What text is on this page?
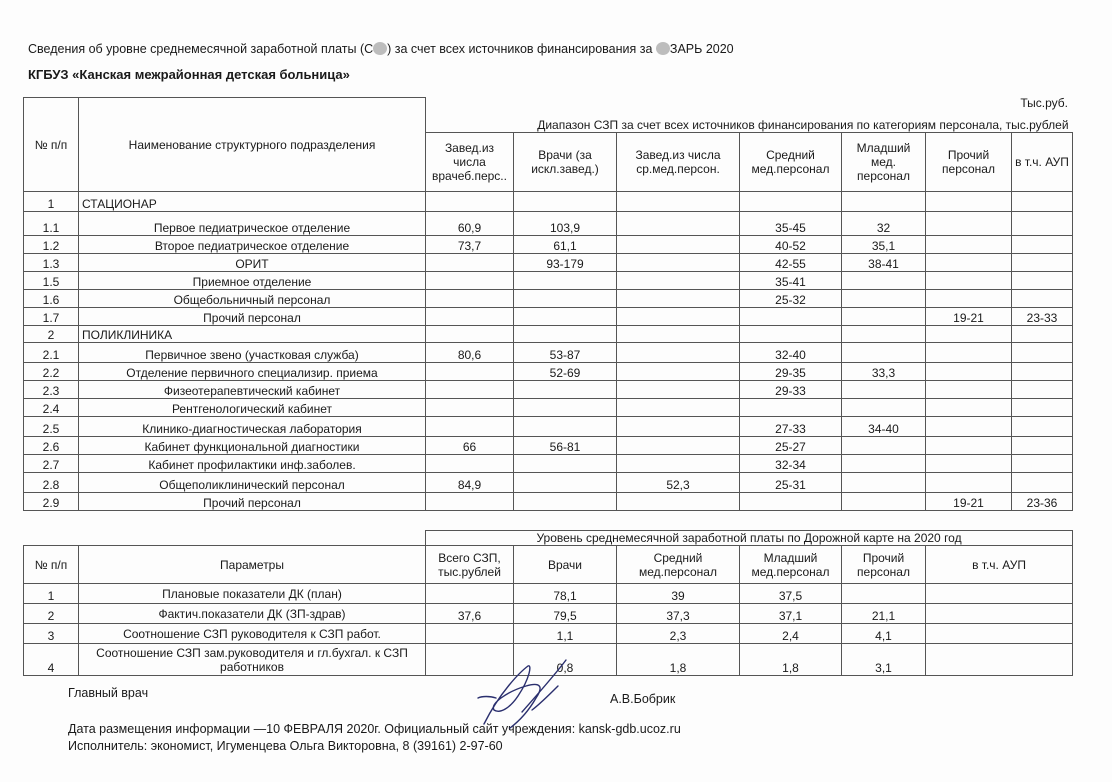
Сведения об уровне среднемесячной заработной платы (С ) за счет всех источников финансирования за ЗАРЬ 2020
КГБУЗ «Канская межрайонная детская больница»
Тыс.руб.
№ п/п	Наименование структурного подразделения	Диапазон СЗП за счет всех источников финансирования по категориям персонала, тыс.рублей						
		Завед.из числа врачеб.перс..	Врачи (за искл.завед.)	Завед.из числа ср.мед.персон.	Средний мед.персонал	Младший мед. персонал	Прочий персонал	в т.ч. АУП
1	СТАЦИОНАР							
1.1	Первое педиатрическое отделение	60,9	103,9		35-45	32		
1.2	Второе педиатрическое отделение	73,7	61,1		40-52	35,1		
1.3	ОРИТ		93-179		42-55	38-41		
1.5	Приемное отделение				35-41			
1.6	Общебольничный персонал				25-32			
1.7	Прочий персонал						19-21	23-33
2	ПОЛИКЛИНИКА							
2.1	Первичное звено (участковая служба)	80,6	53-87		32-40			
2.2	Отделение первичного специализир. приема		52-69		29-35	33,3		
2.3	Физеотерапевтический кабинет				29-33			
2.4	Рентгенологический кабинет							
2.5	Клинико-диагностическая лаборатория				27-33	34-40		
2.6	Кабинет функциональной диагностики	66	56-81		25-27			
2.7	Кабинет профилактики инф.заболев.				32-34			
2.8	Общеполиклинический персонал	84,9		52,3	25-31			
2.9	Прочий персонал						19-21	23-36
		Уровень среднемесячной заработной платы по Дорожной карте на 2020 год					
№ п/п	Параметры	Всего СЗП, тыс.рублей	Врачи	Средний мед.персонал	Младший мед.персонал	Прочий персонал	в т.ч. АУП
1	Плановые показатели ДК (план)		78,1	39	37,5		
2	Фактич.показатели ДК (ЗП-здрав)	37,6	79,5	37,3	37,1	21,1	
3	Соотношение СЗП руководителя к СЗП работ.		1,1	2,3	2,4	4,1	
4	Соотношение СЗП зам.руководителя и гл.бухгал. к СЗП работников		0,8	1,8	1,8	3,1	
Главный врач	А.В.Бобрик
Дата размещения информации —10 ФЕВРАЛЯ 2020г. Официальный сайт учреждения: kansk-gdb.ucoz.ru
Исполнитель: экономист, Игуменцева Ольга Викторовна, 8 (39161) 2-97-60
